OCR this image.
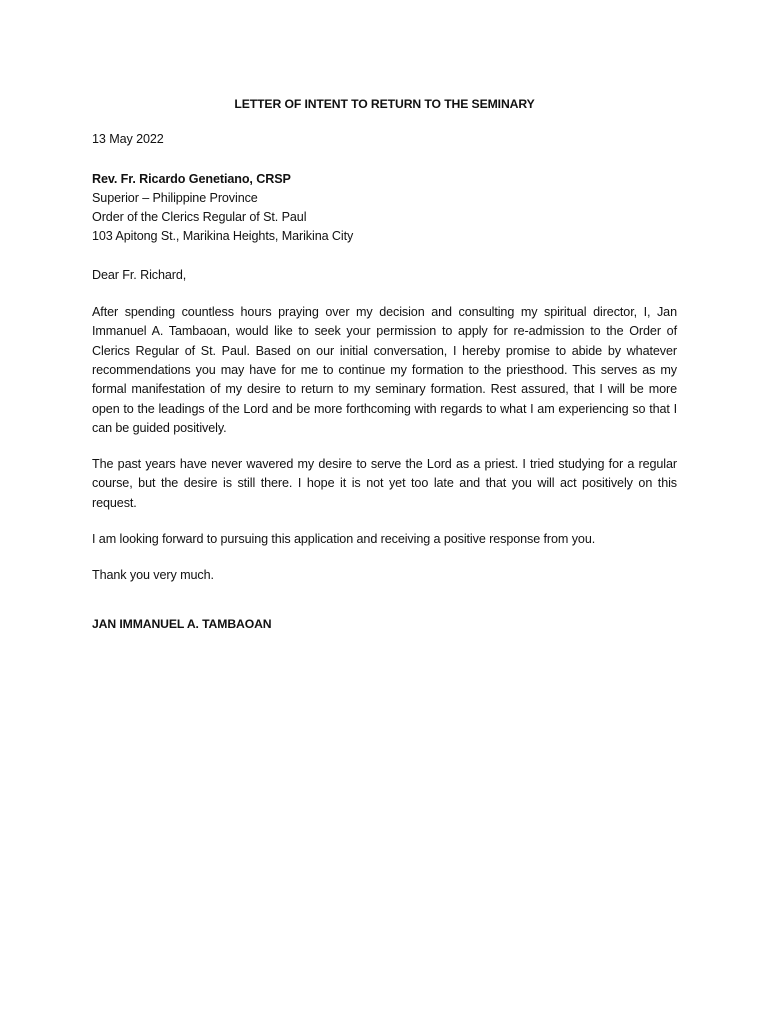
LETTER OF INTENT TO RETURN TO THE SEMINARY
13 May 2022
Rev. Fr. Ricardo Genetiano, CRSP
Superior – Philippine Province
Order of the Clerics Regular of St. Paul
103 Apitong St., Marikina Heights, Marikina City
Dear Fr. Richard,

After spending countless hours praying over my decision and consulting my spiritual director, I, Jan Immanuel A. Tambaoan, would like to seek your permission to apply for re-admission to the Order of Clerics Regular of St. Paul. Based on our initial conversation, I hereby promise to abide by whatever recommendations you may have for me to continue my formation to the priesthood. This serves as my formal manifestation of my desire to return to my seminary formation. Rest assured, that I will be more open to the leadings of the Lord and be more forthcoming with regards to what I am experiencing so that I can be guided positively.

The past years have never wavered my desire to serve the Lord as a priest. I tried studying for a regular course, but the desire is still there. I hope it is not yet too late and that you will act positively on this request.

I am looking forward to pursuing this application and receiving a positive response from you.

Thank you very much.
JAN IMMANUEL A. TAMBAOAN
